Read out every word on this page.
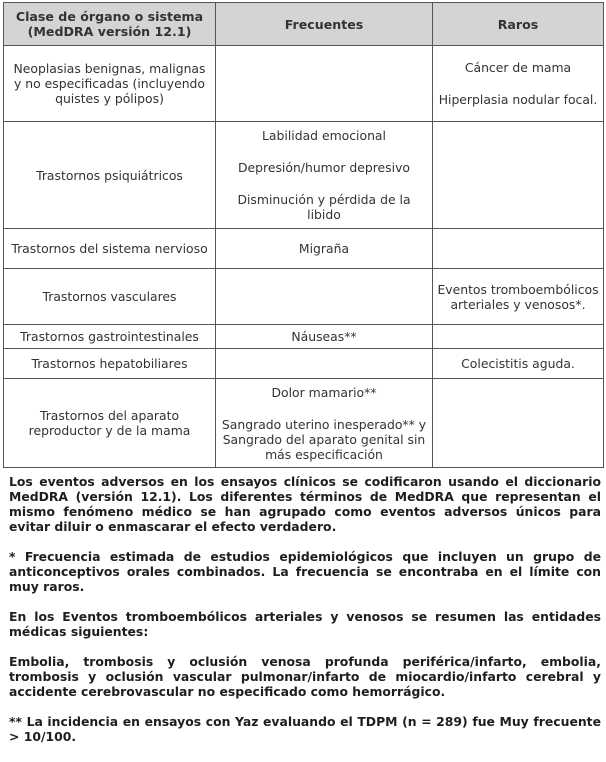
Clase de órgano o sistema (MedDRA versión 12.1)	Frecuentes	Raros
Neoplasias benignas, malignas y no especificadas (incluyendo quistes y pólipos)		Cáncer de mama
Hiperplasia nodular focal.

Trastornos psiquiátricos	Labilidad emocional
Depresión/humor depresivo
Disminución y pérdida de la libido	

Trastornos del sistema nervioso	Migraña	
Trastornos vasculares		Eventos tromboembólicos arteriales y venosos*.
Trastornos gastrointestinales	Náuseas**	
Trastornos hepatobiliares		Colecistitis aguda.
Trastornos del aparato reproductor y de la mama	Dolor mamario**
Sangrado uterino inesperado** y Sangrado del aparato genital sin más especificación	

Los eventos adversos en los ensayos clínicos se codificaron usando el diccionario MedDRA (versión 12.1). Los diferentes términos de MedDRA que representan el mismo fenómeno médico se han agrupado como eventos adversos únicos para evitar diluir o enmascarar el efecto verdadero.

* Frecuencia estimada de estudios epidemiológicos que incluyen un grupo de anticonceptivos orales combinados. La frecuencia se encontraba en el límite con muy raros.

En los Eventos tromboembólicos arteriales y venosos se resumen las entidades médicas siguientes:

Embolia, trombosis y oclusión venosa profunda periférica/infarto, embolia, trombosis y oclusión vascular pulmonar/infarto de miocardio/infarto cerebral y accidente cerebrovascular no especificado como hemorrágico.

** La incidencia en ensayos con Yaz evaluando el TDPM (n = 289) fue Muy frecuente > 10/100.
